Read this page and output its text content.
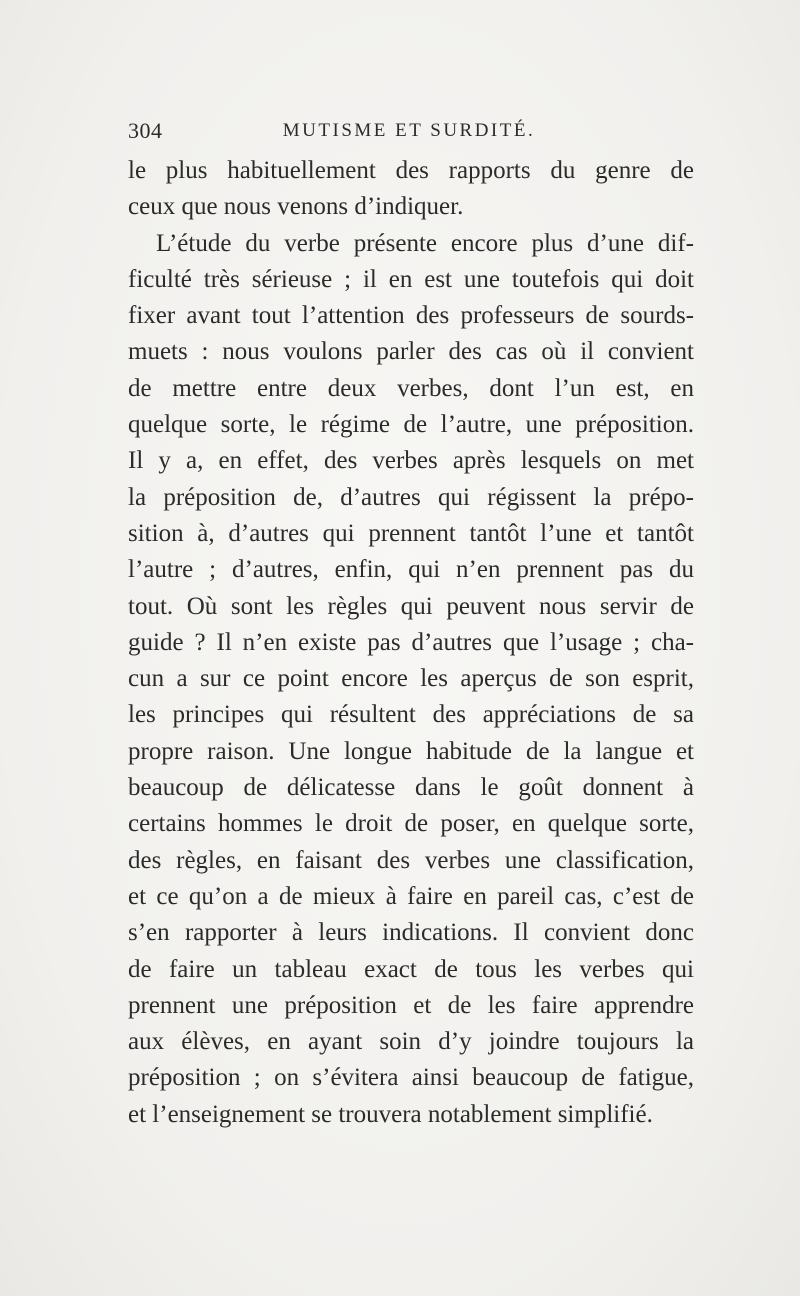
304	MUTISME ET SURDITÉ.
le plus habituellement des rapports du genre de
ceux que nous venons d’indiquer.
L’étude du verbe présente encore plus d’une dif-
ficulté très sérieuse ; il en est une toutefois qui doit
fixer avant tout l’attention des professeurs de sourds-
muets : nous voulons parler des cas où il convient
de mettre entre deux verbes, dont l’un est, en
quelque sorte, le régime de l’autre, une préposition.
Il y a, en effet, des verbes après lesquels on met
la préposition de, d’autres qui régissent la prépo-
sition à, d’autres qui prennent tantôt l’une et tantôt
l’autre ; d’autres, enfin, qui n’en prennent pas du
tout. Où sont les règles qui peuvent nous servir de
guide ? Il n’en existe pas d’autres que l’usage ; cha-
cun a sur ce point encore les aperçus de son esprit,
les principes qui résultent des appréciations de sa
propre raison. Une longue habitude de la langue et
beaucoup de délicatesse dans le goût donnent à
certains hommes le droit de poser, en quelque sorte,
des règles, en faisant des verbes une classification,
et ce qu’on a de mieux à faire en pareil cas, c’est de
s’en rapporter à leurs indications. Il convient donc
de faire un tableau exact de tous les verbes qui
prennent une préposition et de les faire apprendre
aux élèves, en ayant soin d’y joindre toujours la
préposition ; on s’évitera ainsi beaucoup de fatigue,
et l’enseignement se trouvera notablement simplifié.
